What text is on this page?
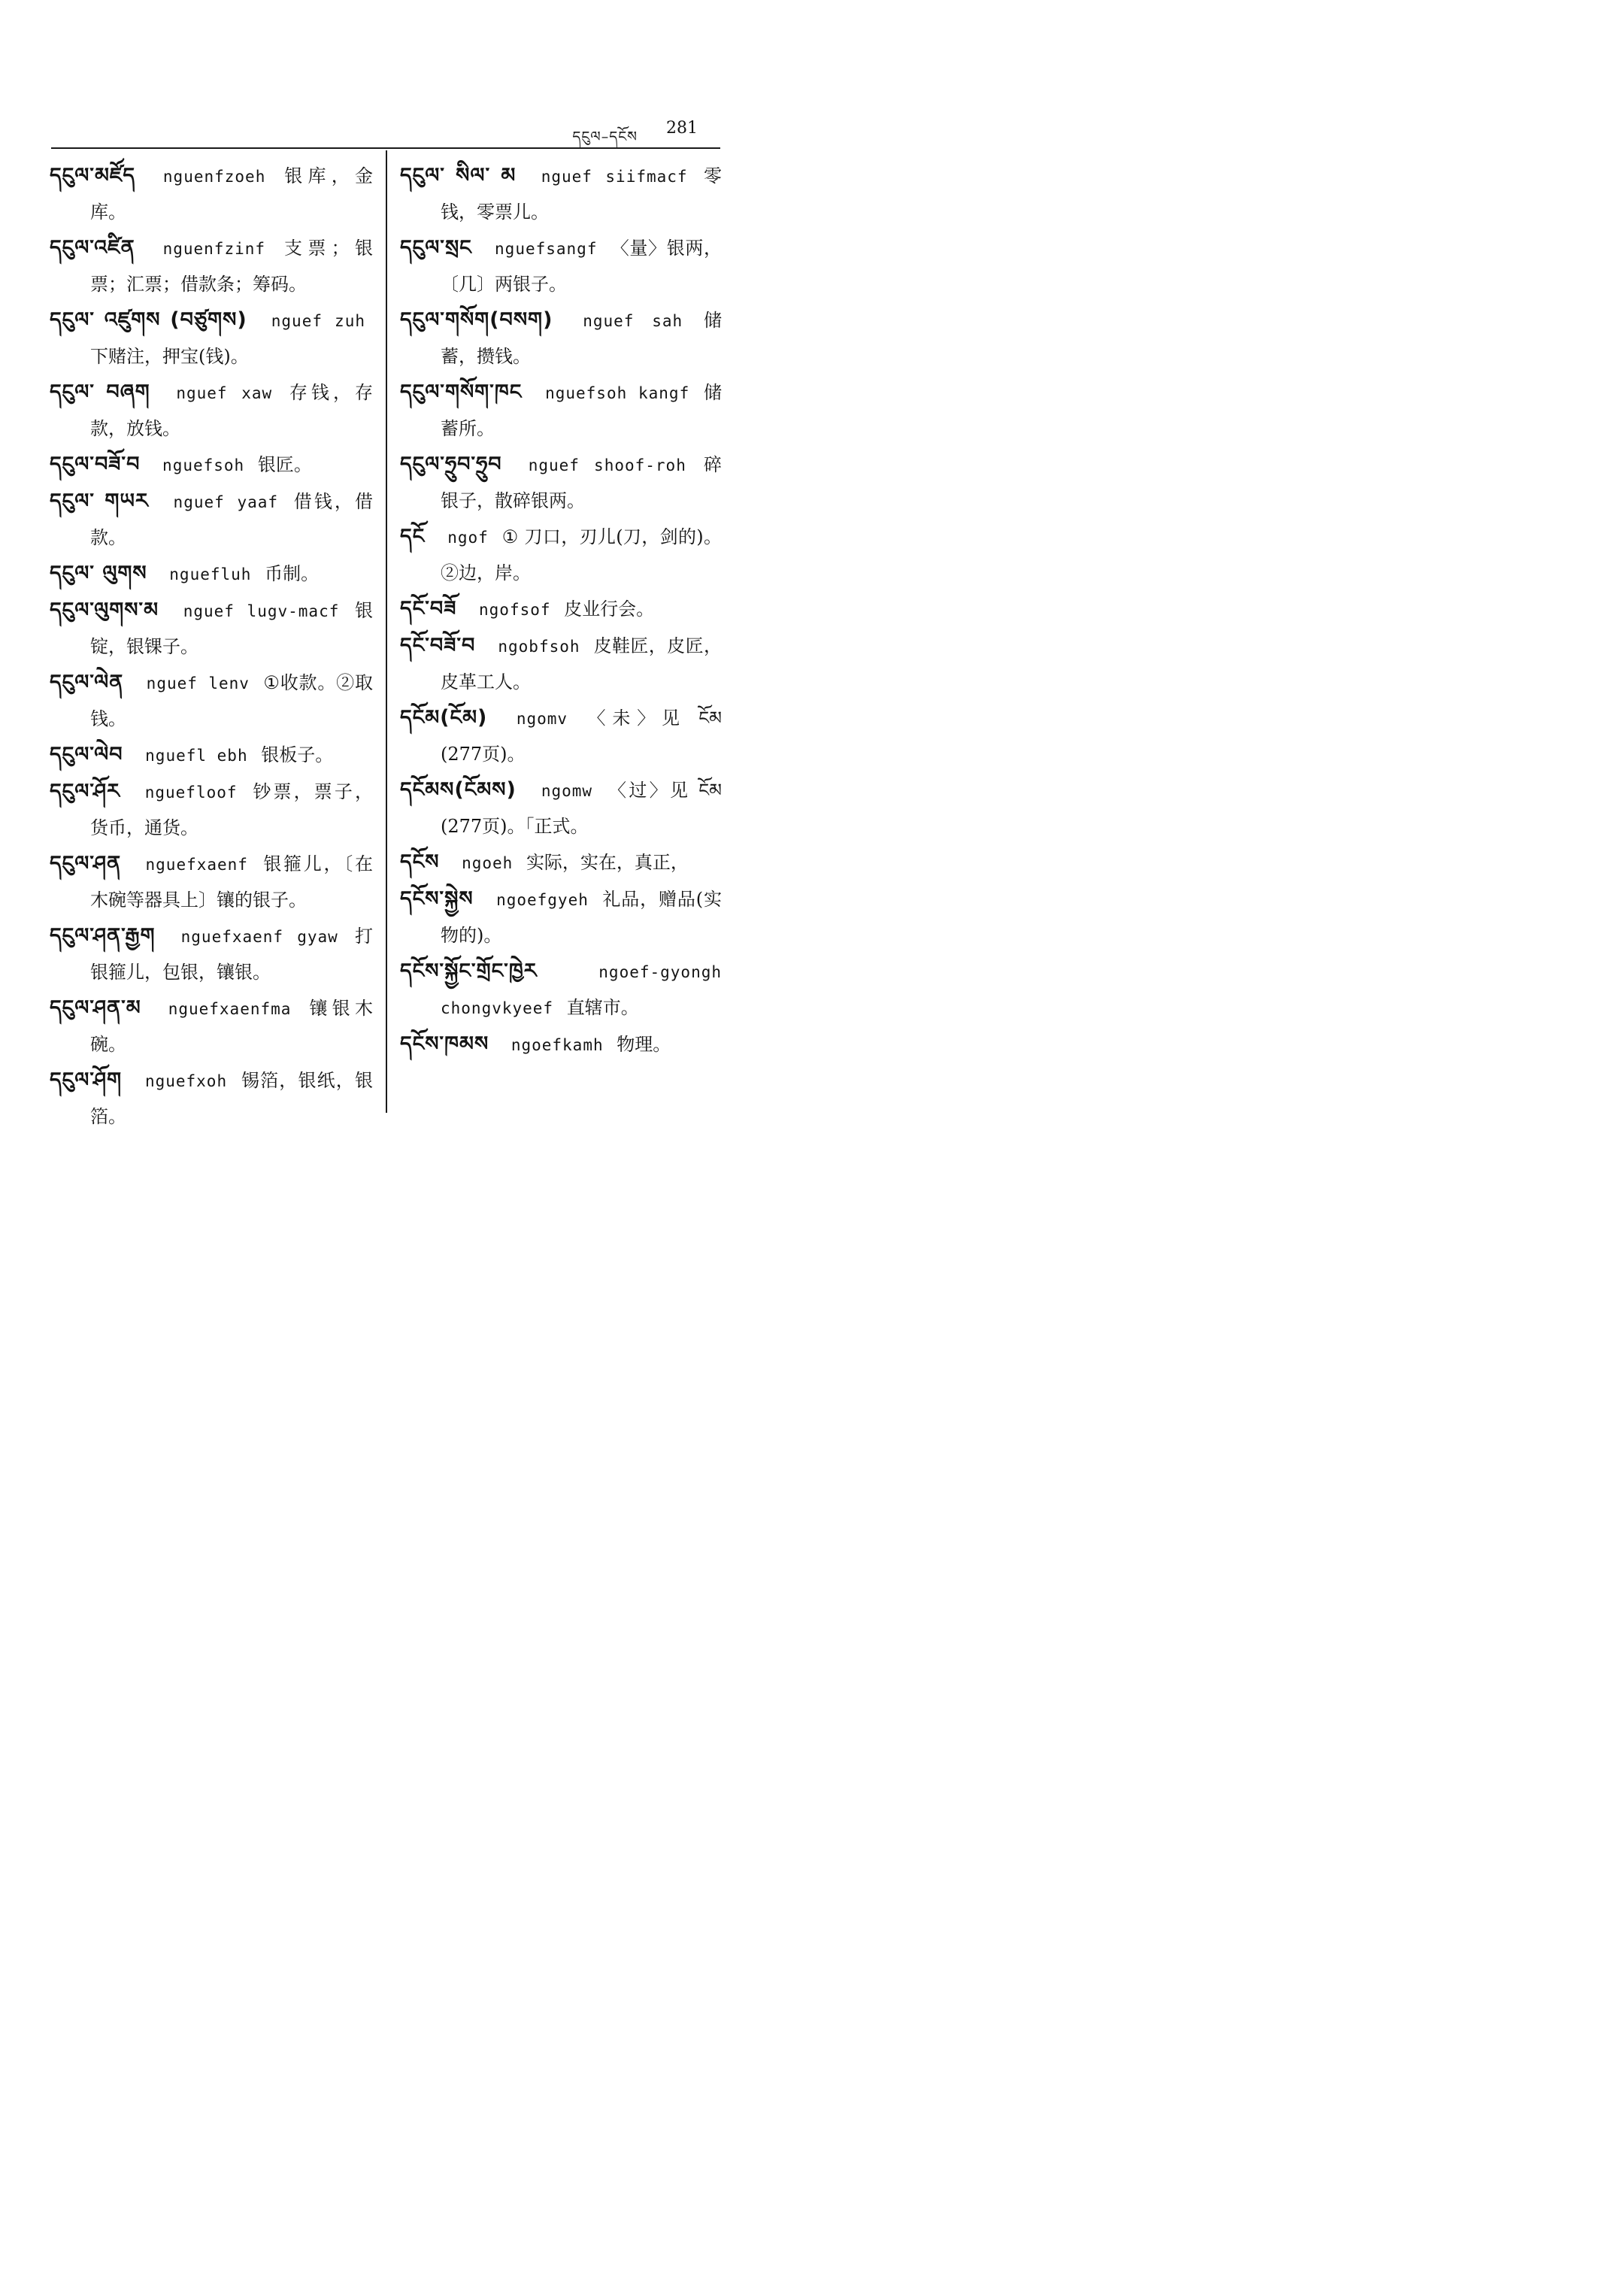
དངུལ–དངོས 281

དངུལ་མཛོད nguenfzoeh 银库，金库。

དངུལ་འཛིན nguenfzinf 支票；银票；汇票；借款条；筹码。

དངུལ་ འཛུགས (བཙུགས) nguef zuh 下赌注，押宝(钱)。

དངུལ་ བཞག nguef xaw 存钱，存款，放钱。

དངུལ་བཟོ་བ nguefsoh 银匠。

དངུལ་ གཡར nguef yaaf 借钱，借款。

དངུལ་ ལུགས nguefluh 币制。

དངུལ་ལུགས་མ nguef lugv-macf 银锭，银锞子。

དངུལ་ལེན nguef lenv ①收款。②取钱。

དངུལ་ལེབ nguefl ebh 银板子。

དངུལ་ཤོར nguefloof 钞票，票子，货币，通货。

དངུལ་ཤན nguefxaenf 银箍儿，〔在木碗等器具上〕镶的银子。

དངུལ་ཤན་རྒྱག nguefxaenf gyaw 打银箍儿，包银，镶银。

དངུལ་ཤན་མ nguefxaenfma 镶银木碗。

དངུལ་ཤོག nguefxoh 锡箔，银纸，银箔。

དངུལ་ སིལ་ མ nguef siifmacf 零钱，零票儿。

དངུལ་སྲང nguefsangf 〈量〉银两，〔几〕两银子。

དངུལ་གསོག(བསག) nguef sah 储蓄，攒钱。

དངུལ་གསོག་ཁང nguefsoh kangf 储蓄所。

དངུལ་ཧྲུབ་ཧྲུབ nguef shoof-roh 碎银子，散碎银两。

དངོ ngof ① 刀口，刃儿(刀，剑的)。②边，岸。

དངོ་བཟོ ngofsof 皮业行会。

དངོ་བཟོ་བ ngobfsoh 皮鞋匠，皮匠，皮革工人。

དངོམ(ངོམ) ngomv 〈未〉见 ངོམ (277页)。

དངོམས(ངོམས) ngomw 〈过〉见 ངོམ (277页)。「正式。

དངོས ngoeh 实际，实在，真正，

དངོས་སྐྱེས ngoefgyeh 礼品，赠品(实物的)。

དངོས་སྐྱོང་གྲོང་ཁྱེར	ngoef-gyongh chongvkyeef 直辖市。

དངོས་ཁམས ngoefkamh 物理。
